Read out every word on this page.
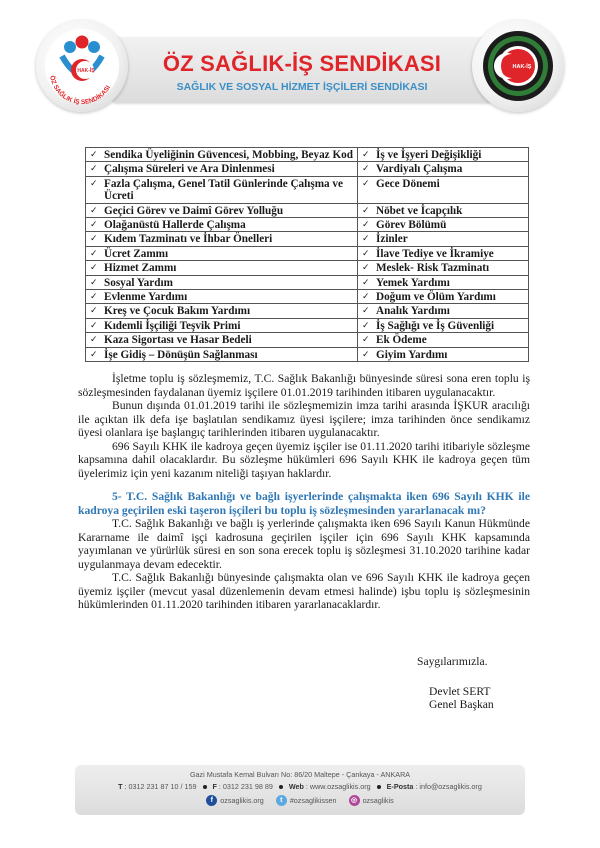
ÖZ SAĞLIK-İŞ SENDİKASI
SAĞLIK VE SOSYAL HİZMET İŞÇİLERİ SENDİKASI
HAK-İŞ
ÖZ SAĞLIK İŞ SENDİKASI
HAK-İŞ
✓ Sendika Üyeliğinin Güvencesi, Mobbing, Beyaz Kod	✓ İş ve İşyeri Değişikliği

✓ Çalışma Süreleri ve Ara Dinlenmesi	✓ Vardiyalı Çalışma

✓ Fazla Çalışma, Genel Tatil Günlerinde Çalışma ve Ücreti	✓ Gece Dönemi

✓ Geçici Görev ve Daimî Görev Yolluğu	✓ Nöbet ve İcapçılık

✓ Olağanüstü Hallerde Çalışma	✓ Görev Bölümü

✓ Kıdem Tazminatı ve İhbar Önelleri	✓ İzinler

✓ Ücret Zammı	✓ İlave Tediye ve İkramiye

✓ Hizmet Zammı	✓ Meslek- Risk Tazminatı

✓ Sosyal Yardım	✓ Yemek Yardımı

✓ Evlenme Yardımı	✓ Doğum ve Ölüm Yardımı

✓ Kreş ve Çocuk Bakım Yardımı	✓ Analık Yardımı

✓ Kıdemli İşçiliği Teşvik Primi	✓ İş Sağlığı ve İş Güvenliği

✓ Kaza Sigortası ve Hasar Bedeli	✓ Ek Ödeme

✓ İşe Gidiş – Dönüşün Sağlanması	✓ Giyim Yardımı

İşletme toplu iş sözleşmemiz, T.C. Sağlık Bakanlığı bünyesinde süresi sona eren toplu iş sözleşmesinden faydalanan üyemiz işçilere 01.01.2019 tarihinden itibaren uygulanacaktır.

Bunun dışında 01.01.2019 tarihi ile sözleşmemizin imza tarihi arasında İŞKUR aracılığı ile açıktan ilk defa işe başlatılan sendikamız üyesi işçilere; imza tarihinden önce sendikamız üyesi olanlara işe başlangıç tarihlerinden itibaren uygulanacaktır.

696 Sayılı KHK ile kadroya geçen üyemiz işçiler ise 01.11.2020 tarihi itibariyle sözleşme kapsamına dahil olacaklardır. Bu sözleşme hükümleri 696 Sayılı KHK ile kadroya geçen tüm üyelerimiz için yeni kazanım niteliği taşıyan haklardır.

5- T.C. Sağlık Bakanlığı ve bağlı işyerlerinde çalışmakta iken 696 Sayılı KHK ile kadroya geçirilen eski taşeron işçileri bu toplu iş sözleşmesinden yararlanacak mı?

T.C. Sağlık Bakanlığı ve bağlı iş yerlerinde çalışmakta iken 696 Sayılı Kanun Hükmünde Kararname ile daimî işçi kadrosuna geçirilen işçiler için 696 Sayılı KHK kapsamında yayımlanan ve yürürlük süresi en son sona erecek toplu iş sözleşmesi 31.10.2020 tarihine kadar uygulanmaya devam edecektir.

T.C. Sağlık Bakanlığı bünyesinde çalışmakta olan ve 696 Sayılı KHK ile kadroya geçen üyemiz işçiler (mevcut yasal düzenlemenin devam etmesi halinde) işbu toplu iş sözleşmesinin hükümlerinden 01.11.2020 tarihinden itibaren yararlanacaklardır.

Saygılarımızla.
Devlet SERT
Genel Başkan
Gazi Mustafa Kemal Bulvarı No: 86/20 Maltepe - Çankaya - ANKARA
T : 0312 231 87 10 / 159 F : 0312 231 98 89 Web : www.ozsaglikis.org E-Posta : info@ozsaglikis.org
f	ozsaglikis.org	t	#ozsaglikissen	◎ ozsaglikis
